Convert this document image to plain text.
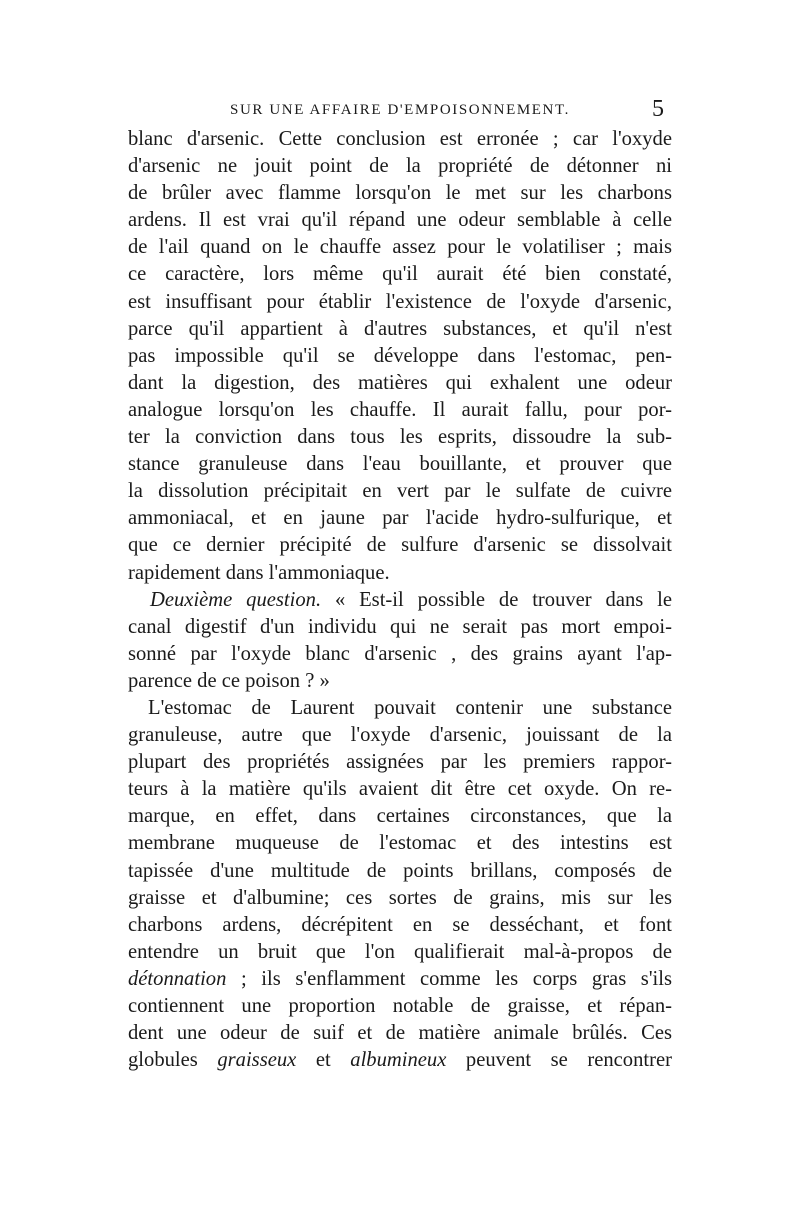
SUR UNE AFFAIRE D'EMPOISONNEMENT.	5
blanc d'arsenic. Cette conclusion est erronée ; car l'oxyde
d'arsenic ne jouit point de la propriété de détonner ni
de brûler avec flamme lorsqu'on le met sur les charbons
ardens. Il est vrai qu'il répand une odeur semblable à celle
de l'ail quand on le chauffe assez pour le volatiliser ; mais
ce caractère, lors même qu'il aurait été bien constaté,
est insuffisant pour établir l'existence de l'oxyde d'arsenic,
parce qu'il appartient à d'autres substances, et qu'il n'est
pas impossible qu'il se développe dans l'estomac, pen-
dant la digestion, des matières qui exhalent une odeur
analogue lorsqu'on les chauffe. Il aurait fallu, pour por-
ter la conviction dans tous les esprits, dissoudre la sub-
stance granuleuse dans l'eau bouillante, et prouver que
la dissolution précipitait en vert par le sulfate de cuivre
ammoniacal, et en jaune par l'acide hydro-sulfurique, et
que ce dernier précipité de sulfure d'arsenic se dissolvait
rapidement dans l'ammoniaque.
Deuxième question. « Est-il possible de trouver dans le
canal digestif d'un individu qui ne serait pas mort empoi-
sonné par l'oxyde blanc d'arsenic , des grains ayant l'ap-
parence de ce poison ? »
L'estomac de Laurent pouvait contenir une substance
granuleuse, autre que l'oxyde d'arsenic, jouissant de la
plupart des propriétés assignées par les premiers rappor-
teurs à la matière qu'ils avaient dit être cet oxyde. On re-
marque, en effet, dans certaines circonstances, que la
membrane muqueuse de l'estomac et des intestins est
tapissée d'une multitude de points brillans, composés de
graisse et d'albumine; ces sortes de grains, mis sur les
charbons ardens, décrépitent en se desséchant, et font
entendre un bruit que l'on qualifierait mal-à-propos de
détonnation ; ils s'enflamment comme les corps gras s'ils
contiennent une proportion notable de graisse, et répan-
dent une odeur de suif et de matière animale brûlés. Ces
globules graisseux et albumineux peuvent se rencontrer
